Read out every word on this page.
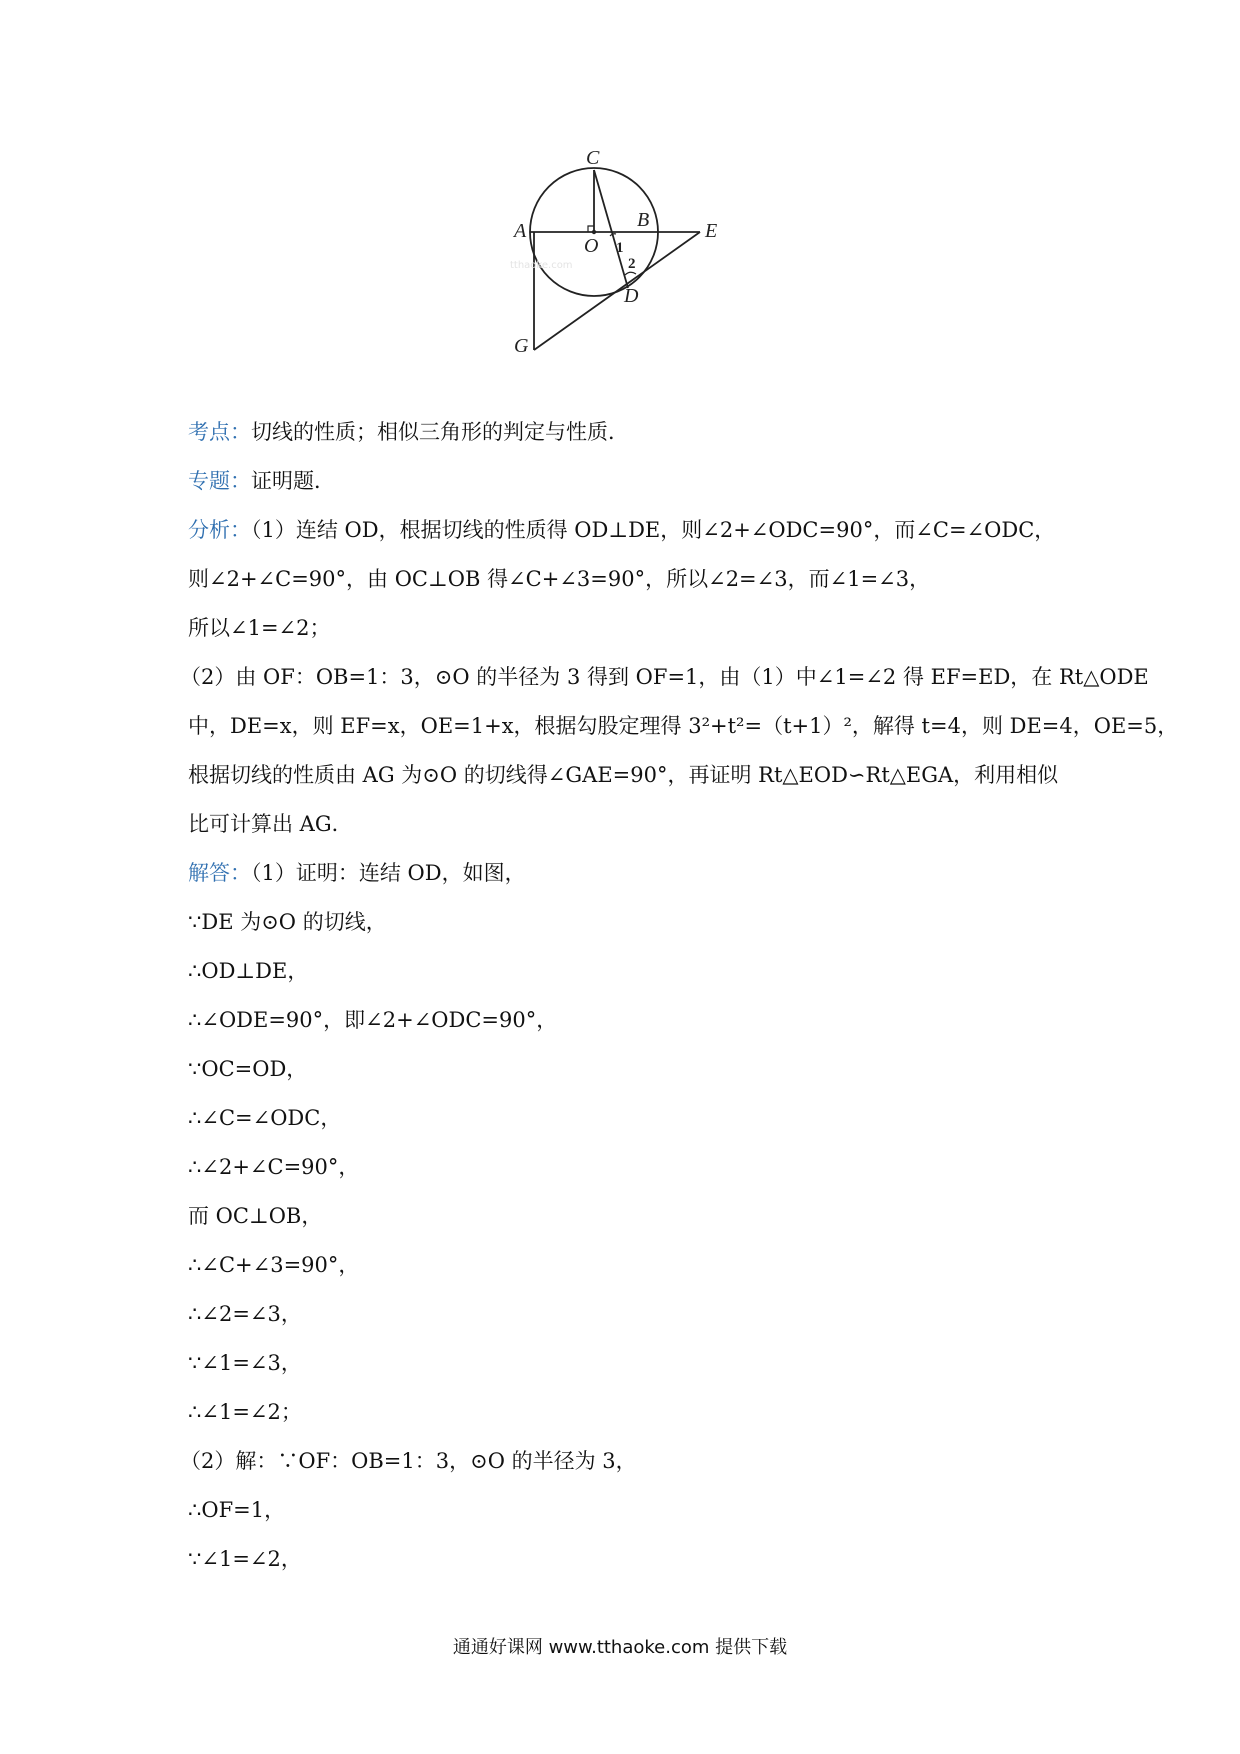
C
A
O
B	E
D
G
1
2
tthaoke.com
考点：切线的性质；相似三角形的判定与性质．
专题：证明题．
分析：（1）连结 OD，根据切线的性质得 OD⊥DE，则∠2+∠ODC=90°，而∠C=∠ODC，
则∠2+∠C=90°，由 OC⊥OB 得∠C+∠3=90°，所以∠2=∠3，而∠1=∠3，
所以∠1=∠2；
（2）由 OF：OB=1：3，⊙O 的半径为 3 得到 OF=1，由（1）中∠1=∠2 得 EF=ED，在 Rt△ODE
中，DE=x，则 EF=x，OE=1+x，根据勾股定理得 3²+t²=（t+1）²，解得 t=4，则 DE=4，OE=5，
根据切线的性质由 AG 为⊙O 的切线得∠GAE=90°，再证明 Rt△EOD∽Rt△EGA，利用相似
比可计算出 AG．
解答：（1）证明：连结 OD，如图，
∵DE 为⊙O 的切线，
∴OD⊥DE，
∴∠ODE=90°，即∠2+∠ODC=90°，
∵OC=OD，
∴∠C=∠ODC，
∴∠2+∠C=90°，
而 OC⊥OB，
∴∠C+∠3=90°，
∴∠2=∠3，
∵∠1=∠3，
∴∠1=∠2；
（2）解：∵OF：OB=1：3，⊙O 的半径为 3，
∴OF=1，
∵∠1=∠2，
通通好课网 www.tthaoke.com 提供下载
